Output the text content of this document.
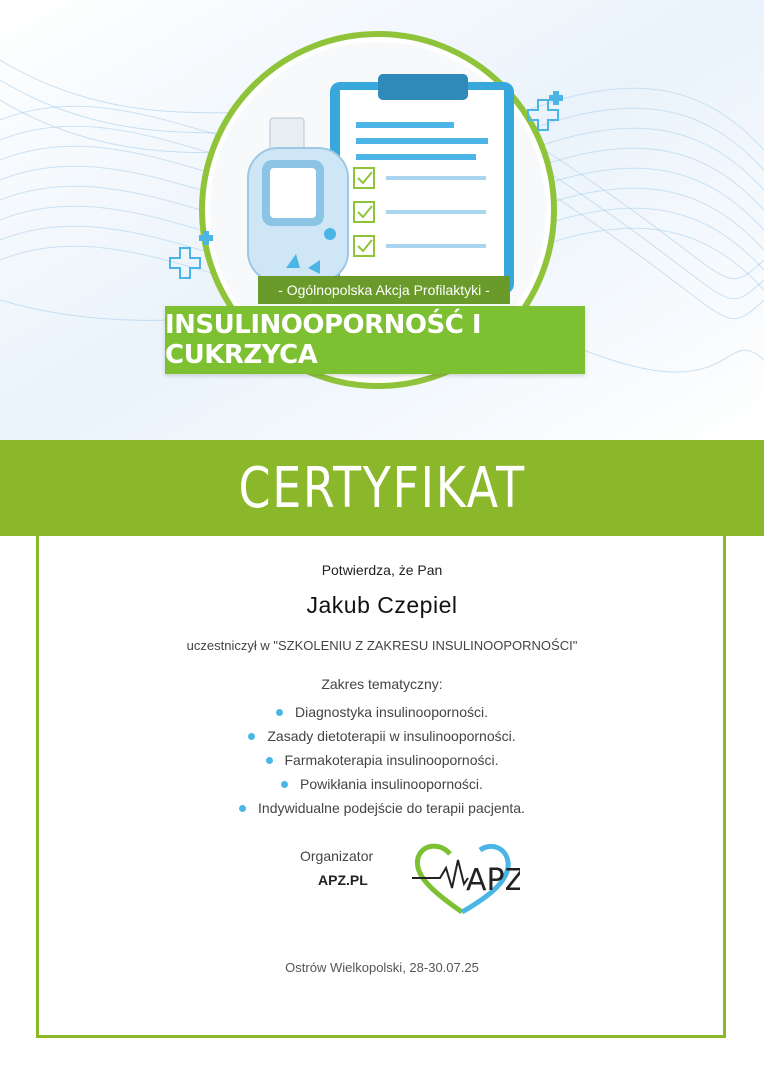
- Ogólnopolska Akcja Profilaktyki -
INSULINOOPORNOŚĆ I CUKRZYCA
CERTYFIKAT
Potwierdza, że Pan
Jakub Czepiel
uczestniczył w "SZKOLENIU Z ZAKRESU INSULINOOPORNOŚCI"
Zakres tematyczny:
Diagnostyka insulinooporności.
Zasady dietoterapii w insulinooporności.
Farmakoterapia insulinooporności.
Powikłania insulinooporności.
Indywidualne podejście do terapii pacjenta.
Organizator
APZ.PL	APZ
Ostrów Wielkopolski, 28-30.07.25
